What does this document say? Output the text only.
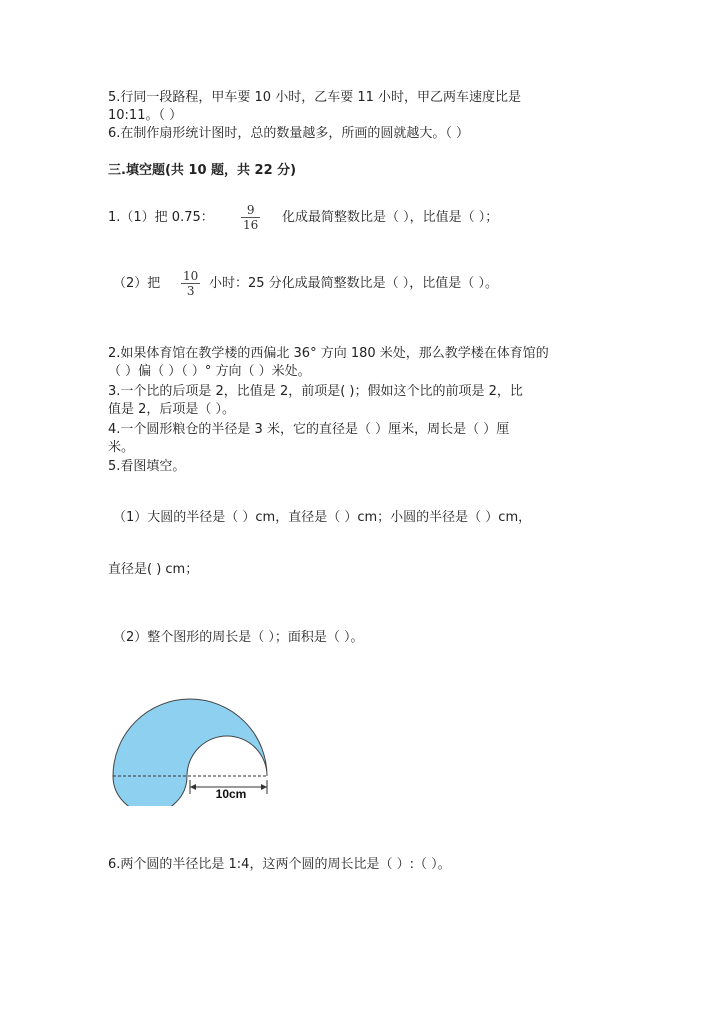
5.行同一段路程，甲车要 10 小时，乙车要 11 小时，甲乙两车速度比是
10:11。（ ）
6.在制作扇形统计图时，总的数量越多，所画的圆就越大。（ ）
三.填空题(共 10 题，共 22 分)
1.（1）把 0.75：	9
16 化成最简整数比是（ ），比值是（ ）；
（2）把 10
3 小时：25 分化成最简整数比是（ ），比值是（ ）。
2.如果体育馆在教学楼的西偏北 36° 方向 180 米处，那么教学楼在体育馆的
（ ）偏（ ）（ ）° 方向（ ）米处。
3.一个比的后项是 2，比值是 2，前项是( )；假如这个比的前项是 2，比
值是 2，后项是（ ）。
4.一个圆形粮仓的半径是 3 米，它的直径是（ ）厘米，周长是（ ）厘
米。
5.看图填空。
（1）大圆的半径是（ ）cm，直径是（ ）cm；小圆的半径是（ ）cm，
直径是( ) cm；
（2）整个图形的周长是（ ）；面积是（ ）。
10cm
6.两个圆的半径比是 1:4，这两个圆的周长比是（ ）:（ ）。
